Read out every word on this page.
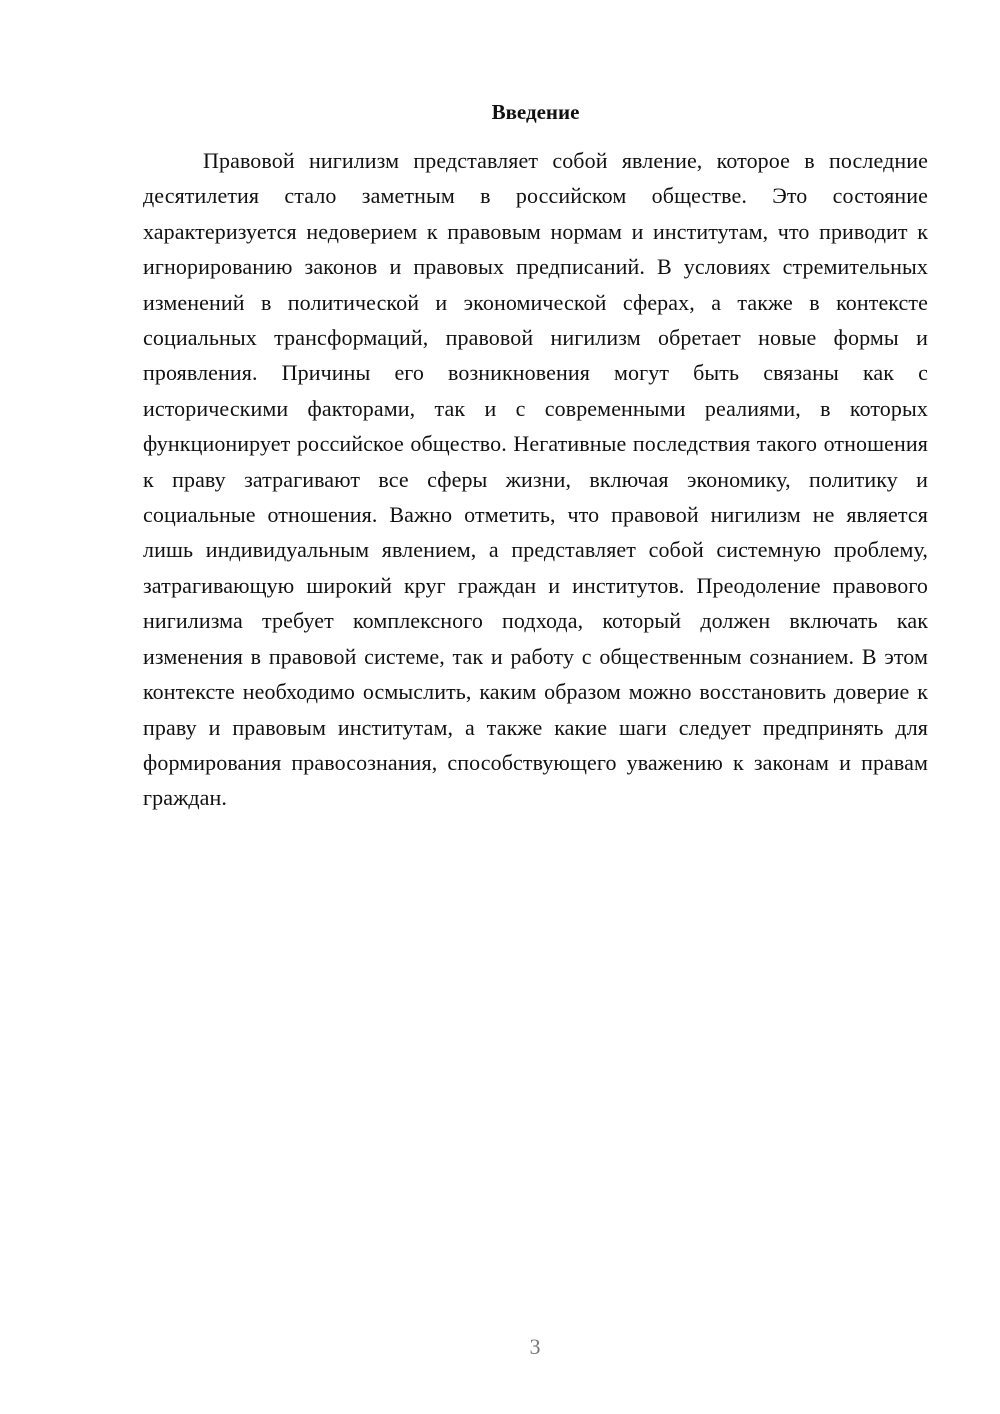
Введение

Правовой нигилизм представляет собой явление, которое в последние десятилетия стало заметным в российском обществе. Это состояние характеризуется недоверием к правовым нормам и институтам, что приводит к игнорированию законов и правовых предписаний. В условиях стремительных изменений в политической и экономической сферах, а также в контексте социальных трансформаций, правовой нигилизм обретает новые формы и проявления. Причины его возникновения могут быть связаны как с историческими факторами, так и с современными реалиями, в которых функционирует российское общество. Негативные последствия такого отношения к праву затрагивают все сферы жизни, включая экономику, политику и социальные отношения. Важно отметить, что правовой нигилизм не является лишь индивидуальным явлением, а представляет собой системную проблему, затрагивающую широкий круг граждан и институтов. Преодоление правового нигилизма требует комплексного подхода, который должен включать как изменения в правовой системе, так и работу с общественным сознанием. В этом контексте необходимо осмыслить, каким образом можно восстановить доверие к праву и правовым институтам, а также какие шаги следует предпринять для формирования правосознания, способствующего уважению к законам и правам граждан.

3
